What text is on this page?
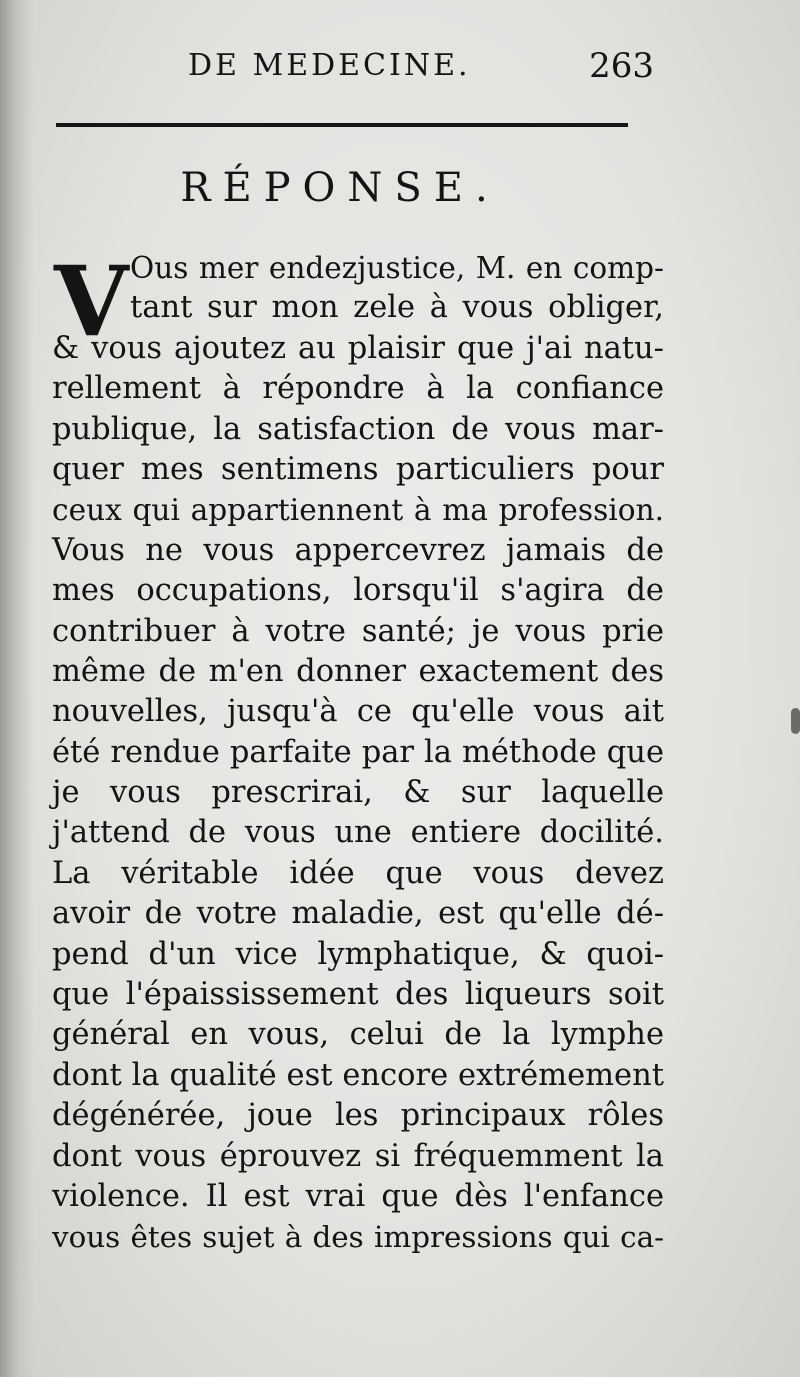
DE MEDECINE.	263
RÉPONSE.
V Ous mer endezjustice, M. en comp-
tant sur mon zele à vous obliger,
& vous ajoutez au plaisir que j'ai natu-
rellement à répondre à la confiance
publique, la satisfaction de vous mar-
quer mes sentimens particuliers pour
ceux qui appartiennent à ma profession.
Vous ne vous appercevrez jamais de
mes occupations, lorsqu'il s'agira de
contribuer à votre santé; je vous prie
même de m'en donner exactement des
nouvelles, jusqu'à ce qu'elle vous ait
été rendue parfaite par la méthode que
je vous prescrirai, & sur laquelle
j'attend de vous une entiere docilité.
La véritable idée que vous devez
avoir de votre maladie, est qu'elle dé-
pend d'un vice lymphatique, & quoi-
que l'épaississement des liqueurs soit
général en vous, celui de la lymphe
dont la qualité est encore extrémement
dégénérée, joue les principaux rôles
dont vous éprouvez si fréquemment la
violence. Il est vrai que dès l'enfance
vous êtes sujet à des impressions qui ca-
